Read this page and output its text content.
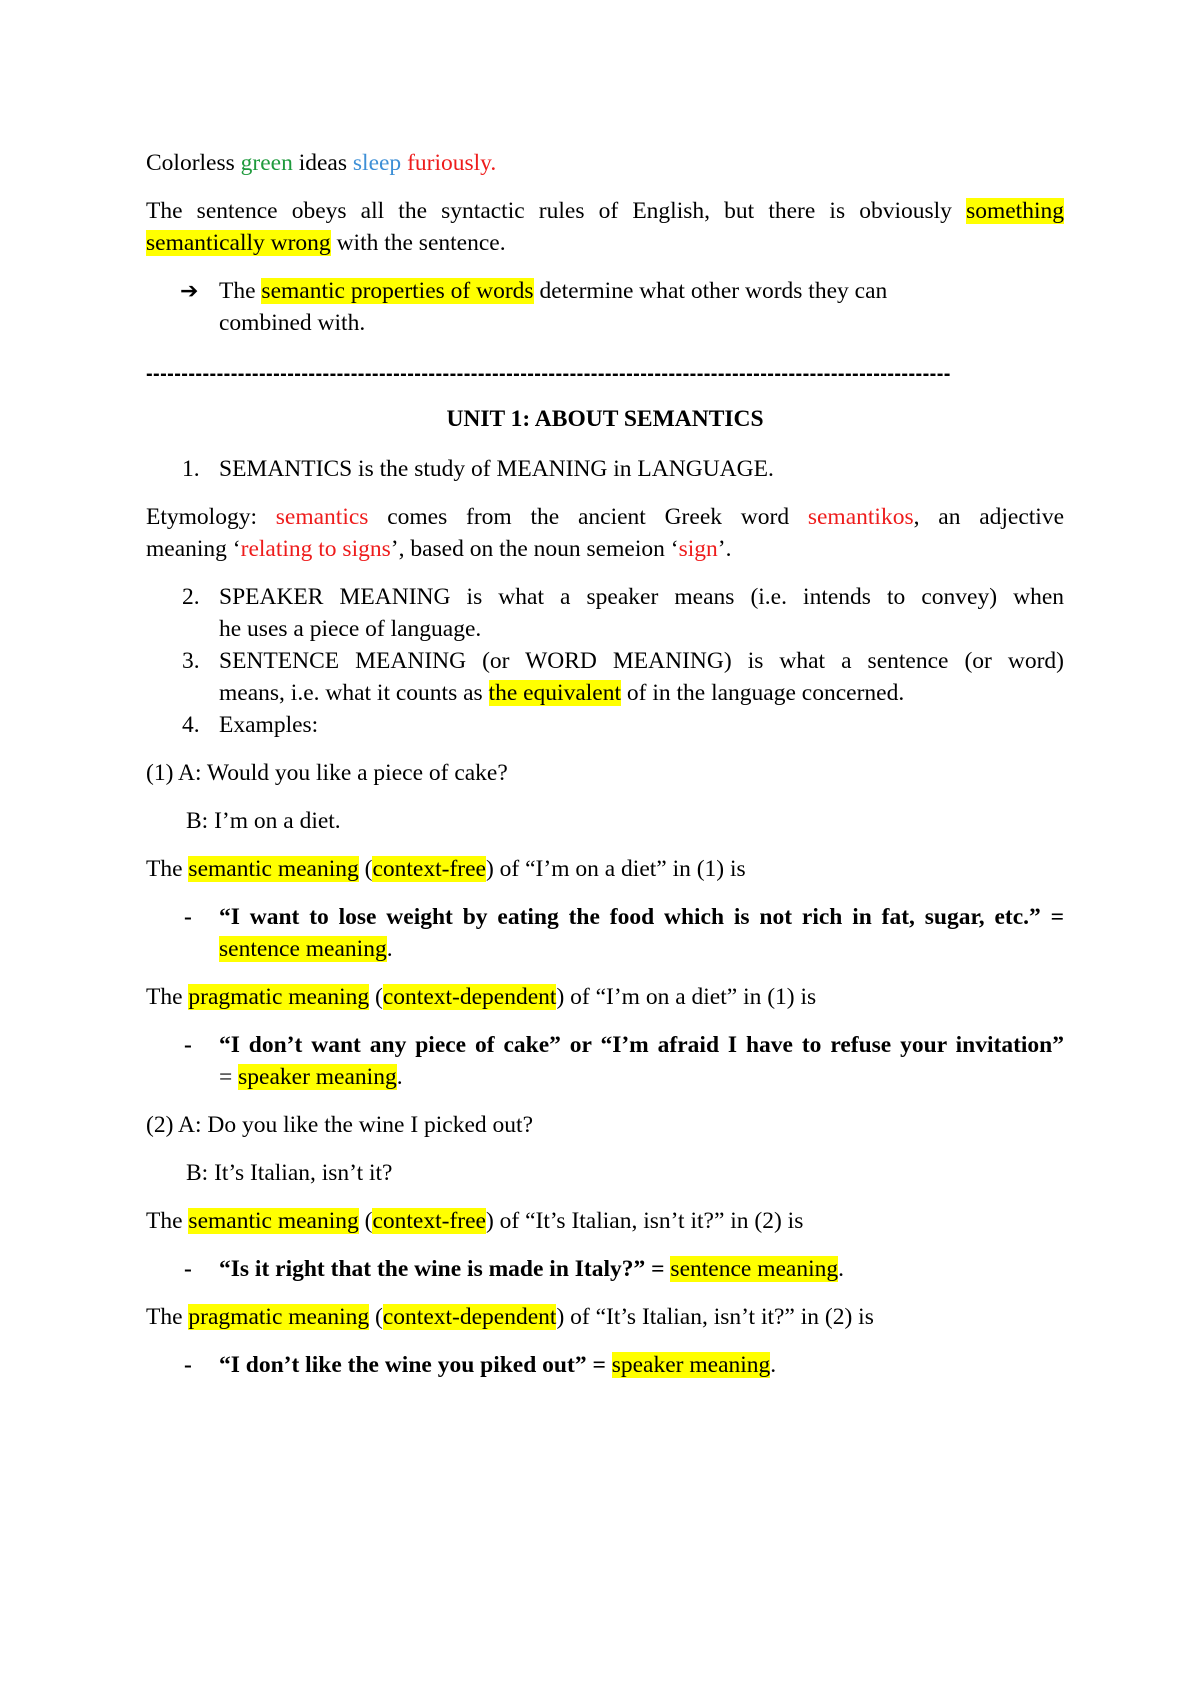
Colorless green ideas sleep furiously.
The sentence obeys all the syntactic rules of English, but there is obviously something
semantically wrong with the sentence.
➔ The semantic properties of words determine what other words they can
combined with.
------------------------------------------------------------------------------------------------------------------
UNIT 1: ABOUT SEMANTICS
1. SEMANTICS is the study of MEANING in LANGUAGE.
Etymology: semantics comes from the ancient Greek word semantikos, an adjective
meaning ‘relating to signs’, based on the noun semeion ‘sign’.
2. SPEAKER MEANING is what a speaker means (i.e. intends to convey) when
he uses a piece of language.
3. SENTENCE MEANING (or WORD MEANING) is what a sentence (or word)
means, i.e. what it counts as the equivalent of in the language concerned.
4. Examples:
(1) A: Would you like a piece of cake?
B: I’m on a diet.
The semantic meaning (context-free) of “I’m on a diet” in (1) is
- “I want to lose weight by eating the food which is not rich in fat, sugar, etc.” =
sentence meaning.
The pragmatic meaning (context-dependent) of “I’m on a diet” in (1) is
- “I don’t want any piece of cake” or “I’m afraid I have to refuse your invitation”
= speaker meaning.
(2) A: Do you like the wine I picked out?
B: It’s Italian, isn’t it?
The semantic meaning (context-free) of “It’s Italian, isn’t it?” in (2) is
- “Is it right that the wine is made in Italy?” = sentence meaning.
The pragmatic meaning (context-dependent) of “It’s Italian, isn’t it?” in (2) is
- “I don’t like the wine you piked out” = speaker meaning.
